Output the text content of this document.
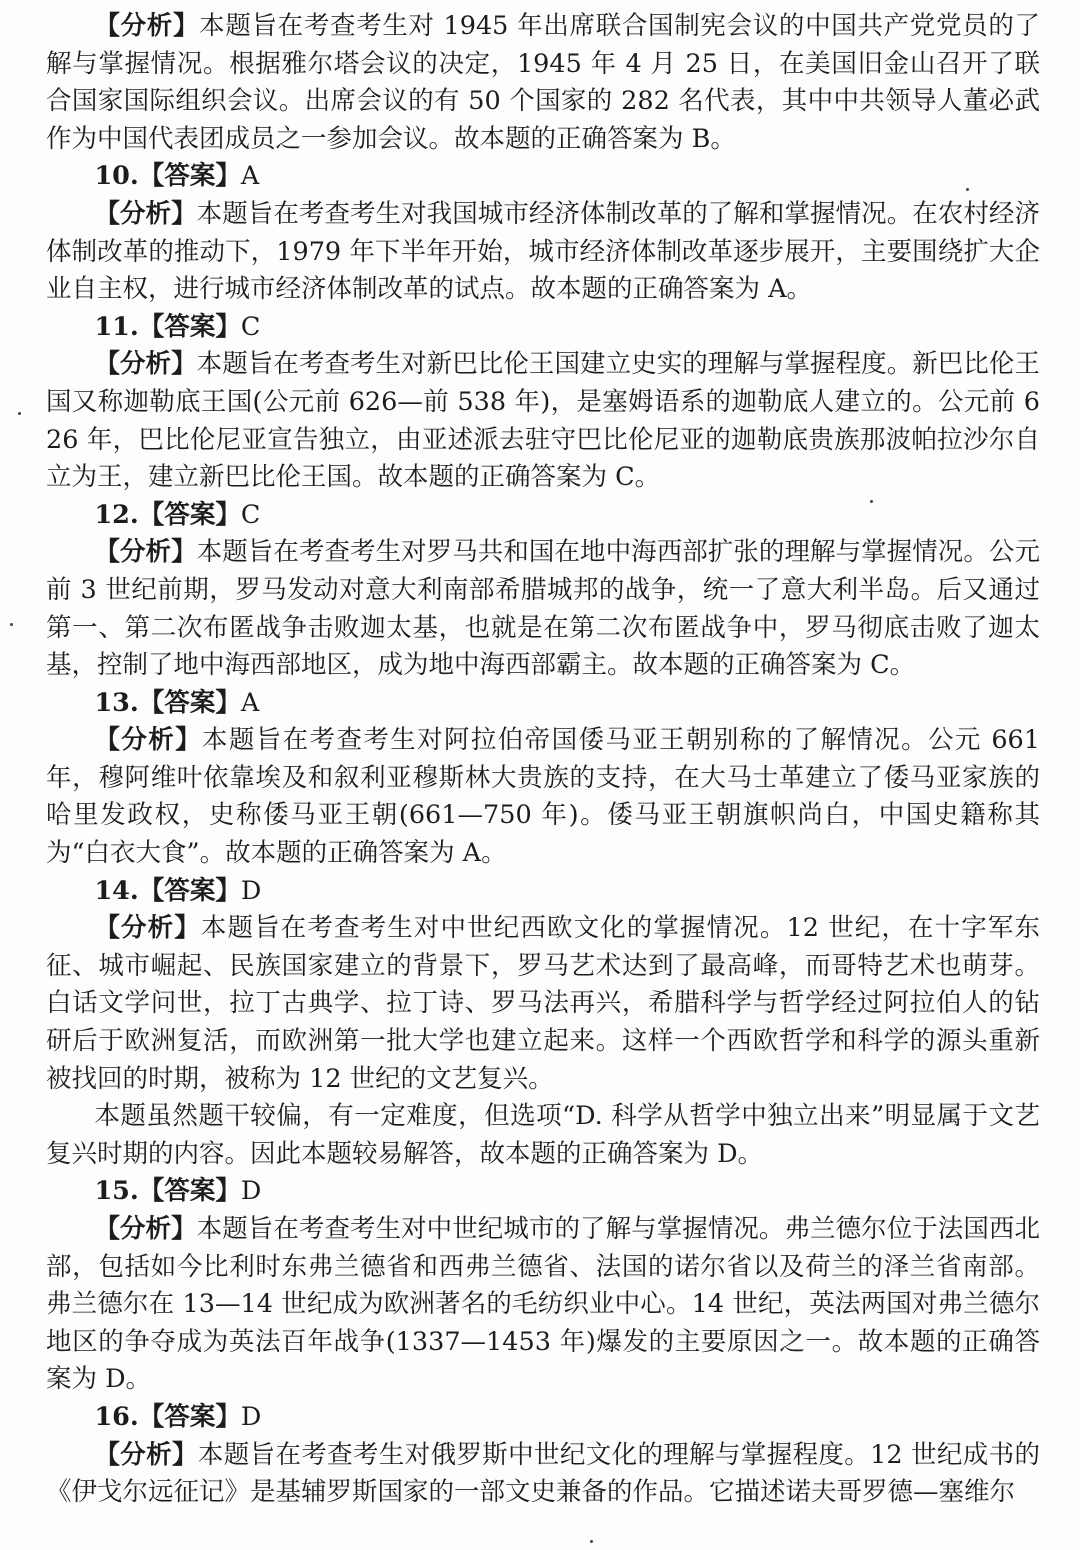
【分析】本题旨在考查考生对 1945 年出席联合国制宪会议的中国共产党党员的了解与掌握情况。根据雅尔塔会议的决定，1945 年 4 月 25 日，在美国旧金山召开了联合国家国际组织会议。出席会议的有 50 个国家的 282 名代表，其中中共领导人董必武作为中国代表团成员之一参加会议。故本题的正确答案为 B。

10.【答案】A

【分析】本题旨在考查考生对我国城市经济体制改革的了解和掌握情况。在农村经济体制改革的推动下，1979 年下半年开始，城市经济体制改革逐步展开，主要围绕扩大企业自主权，进行城市经济体制改革的试点。故本题的正确答案为 A。

11.【答案】C

【分析】本题旨在考查考生对新巴比伦王国建立史实的理解与掌握程度。新巴比伦王国又称迦勒底王国(公元前 626—前 538 年)，是塞姆语系的迦勒底人建立的。公元前 626 年，巴比伦尼亚宣告独立，由亚述派去驻守巴比伦尼亚的迦勒底贵族那波帕拉沙尔自立为王，建立新巴比伦王国。故本题的正确答案为 C。

12.【答案】C

【分析】本题旨在考查考生对罗马共和国在地中海西部扩张的理解与掌握情况。公元前 3 世纪前期，罗马发动对意大利南部希腊城邦的战争，统一了意大利半岛。后又通过第一、第二次布匿战争击败迦太基，也就是在第二次布匿战争中，罗马彻底击败了迦太基，控制了地中海西部地区，成为地中海西部霸主。故本题的正确答案为 C。

13.【答案】A

【分析】本题旨在考查考生对阿拉伯帝国倭马亚王朝别称的了解情况。公元 661 年，穆阿维叶依靠埃及和叙利亚穆斯林大贵族的支持，在大马士革建立了倭马亚家族的哈里发政权，史称倭马亚王朝(661—750 年)。倭马亚王朝旗帜尚白，中国史籍称其为“白衣大食”。故本题的正确答案为 A。

14.【答案】D

【分析】本题旨在考查考生对中世纪西欧文化的掌握情况。12 世纪，在十字军东征、城市崛起、民族国家建立的背景下，罗马艺术达到了最高峰，而哥特艺术也萌芽。白话文学问世，拉丁古典学、拉丁诗、罗马法再兴，希腊科学与哲学经过阿拉伯人的钻研后于欧洲复活，而欧洲第一批大学也建立起来。这样一个西欧哲学和科学的源头重新被找回的时期，被称为 12 世纪的文艺复兴。

本题虽然题干较偏，有一定难度，但选项“D. 科学从哲学中独立出来”明显属于文艺复兴时期的内容。因此本题较易解答，故本题的正确答案为 D。

15.【答案】D

【分析】本题旨在考查考生对中世纪城市的了解与掌握情况。弗兰德尔位于法国西北部，包括如今比利时东弗兰德省和西弗兰德省、法国的诺尔省以及荷兰的泽兰省南部。弗兰德尔在 13—14 世纪成为欧洲著名的毛纺织业中心。14 世纪，英法两国对弗兰德尔地区的争夺成为英法百年战争(1337—1453 年)爆发的主要原因之一。故本题的正确答案为 D。

16.【答案】D

【分析】本题旨在考查考生对俄罗斯中世纪文化的理解与掌握程度。12 世纪成书的《伊戈尔远征记》是基辅罗斯国家的一部文史兼备的作品。它描述诺夫哥罗德—塞维尔
